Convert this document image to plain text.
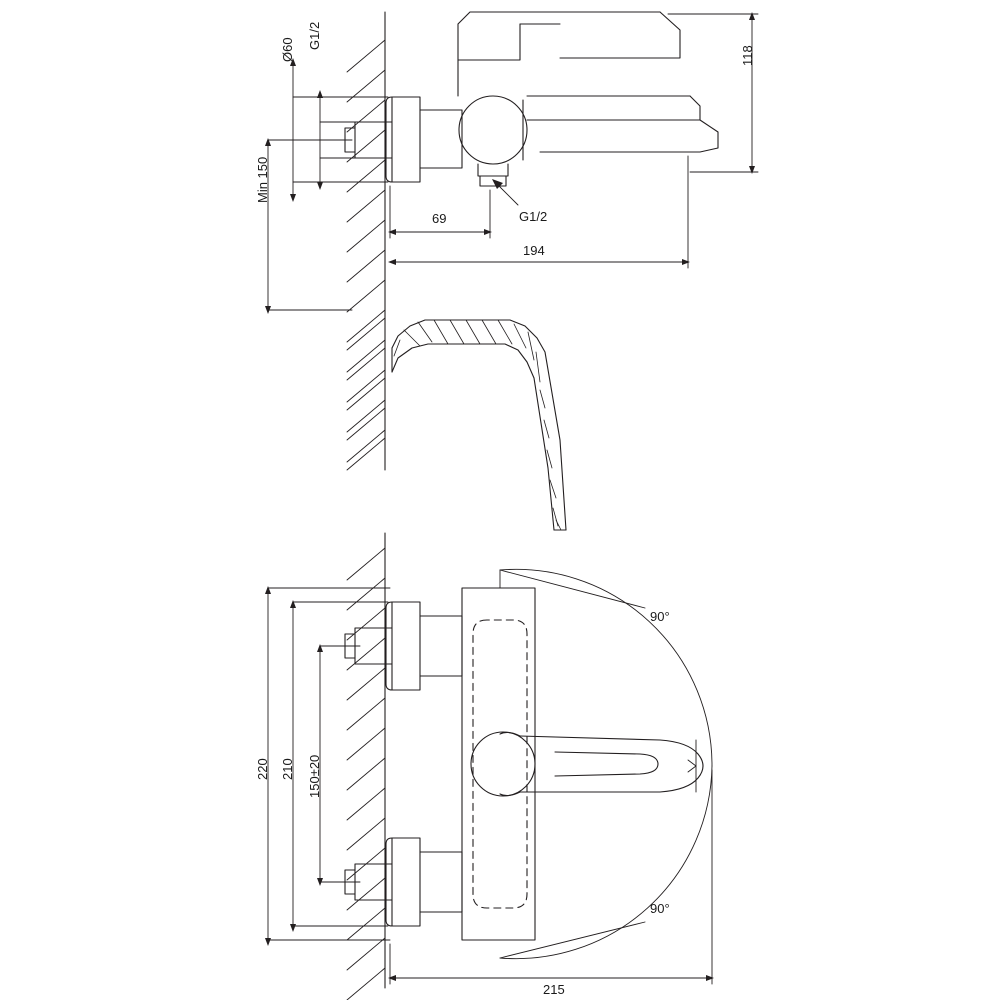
Ø60 G1/2
118
Min 150
69	G1/2
194
90°
90°
220 210 150±20
215
